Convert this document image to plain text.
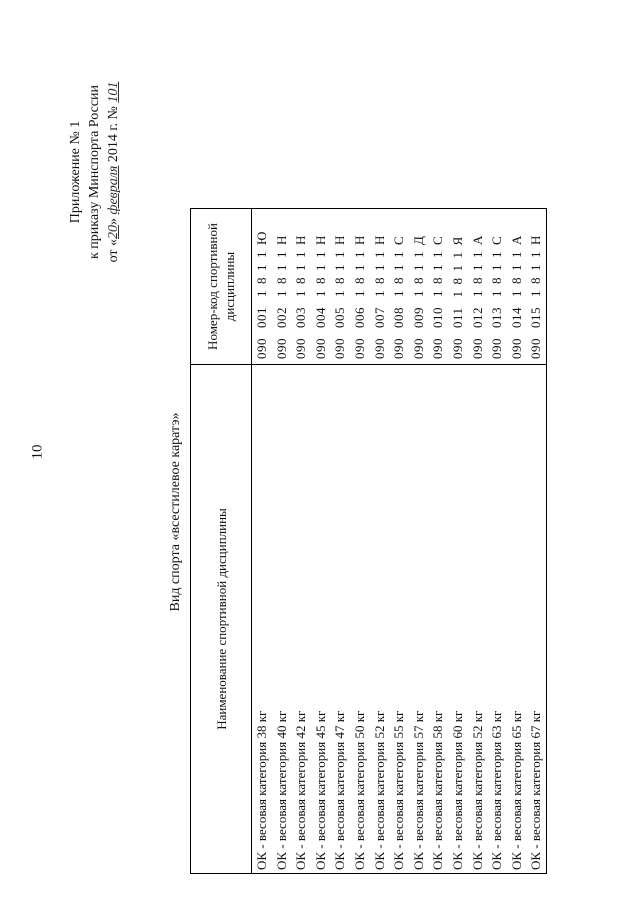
10
Приложение № 1 к приказу Минспорта России от «20» февраля 2014 г. № 101
Вид спорта «всестилевое каратэ» Наименование спортивной дисциплины	Номер-код спортивной дисциплины
ОК - весовая категория 38 кг	0900011811Ю
ОК - весовая категория 40 кг	0900021811Н
ОК - весовая категория 42 кг	0900031811Н
ОК - весовая категория 45 кг	0900041811Н
ОК - весовая категория 47 кг	0900051811Н
ОК - весовая категория 50 кг	0900061811Н
ОК - весовая категория 52 кг	0900071811Н
ОК - весовая категория 55 кг	0900081811С
ОК - весовая категория 57 кг	0900091811Д
ОК - весовая категория 58 кг	0900101811С
ОК - весовая категория 60 кг	0900111811Я
ОК - весовая категория 52 кг	0900121811А
ОК - весовая категория 63 кг	0900131811С
ОК - весовая категория 65 кг	0900141811А
ОК - весовая категория 67 кг	0900151811Н
